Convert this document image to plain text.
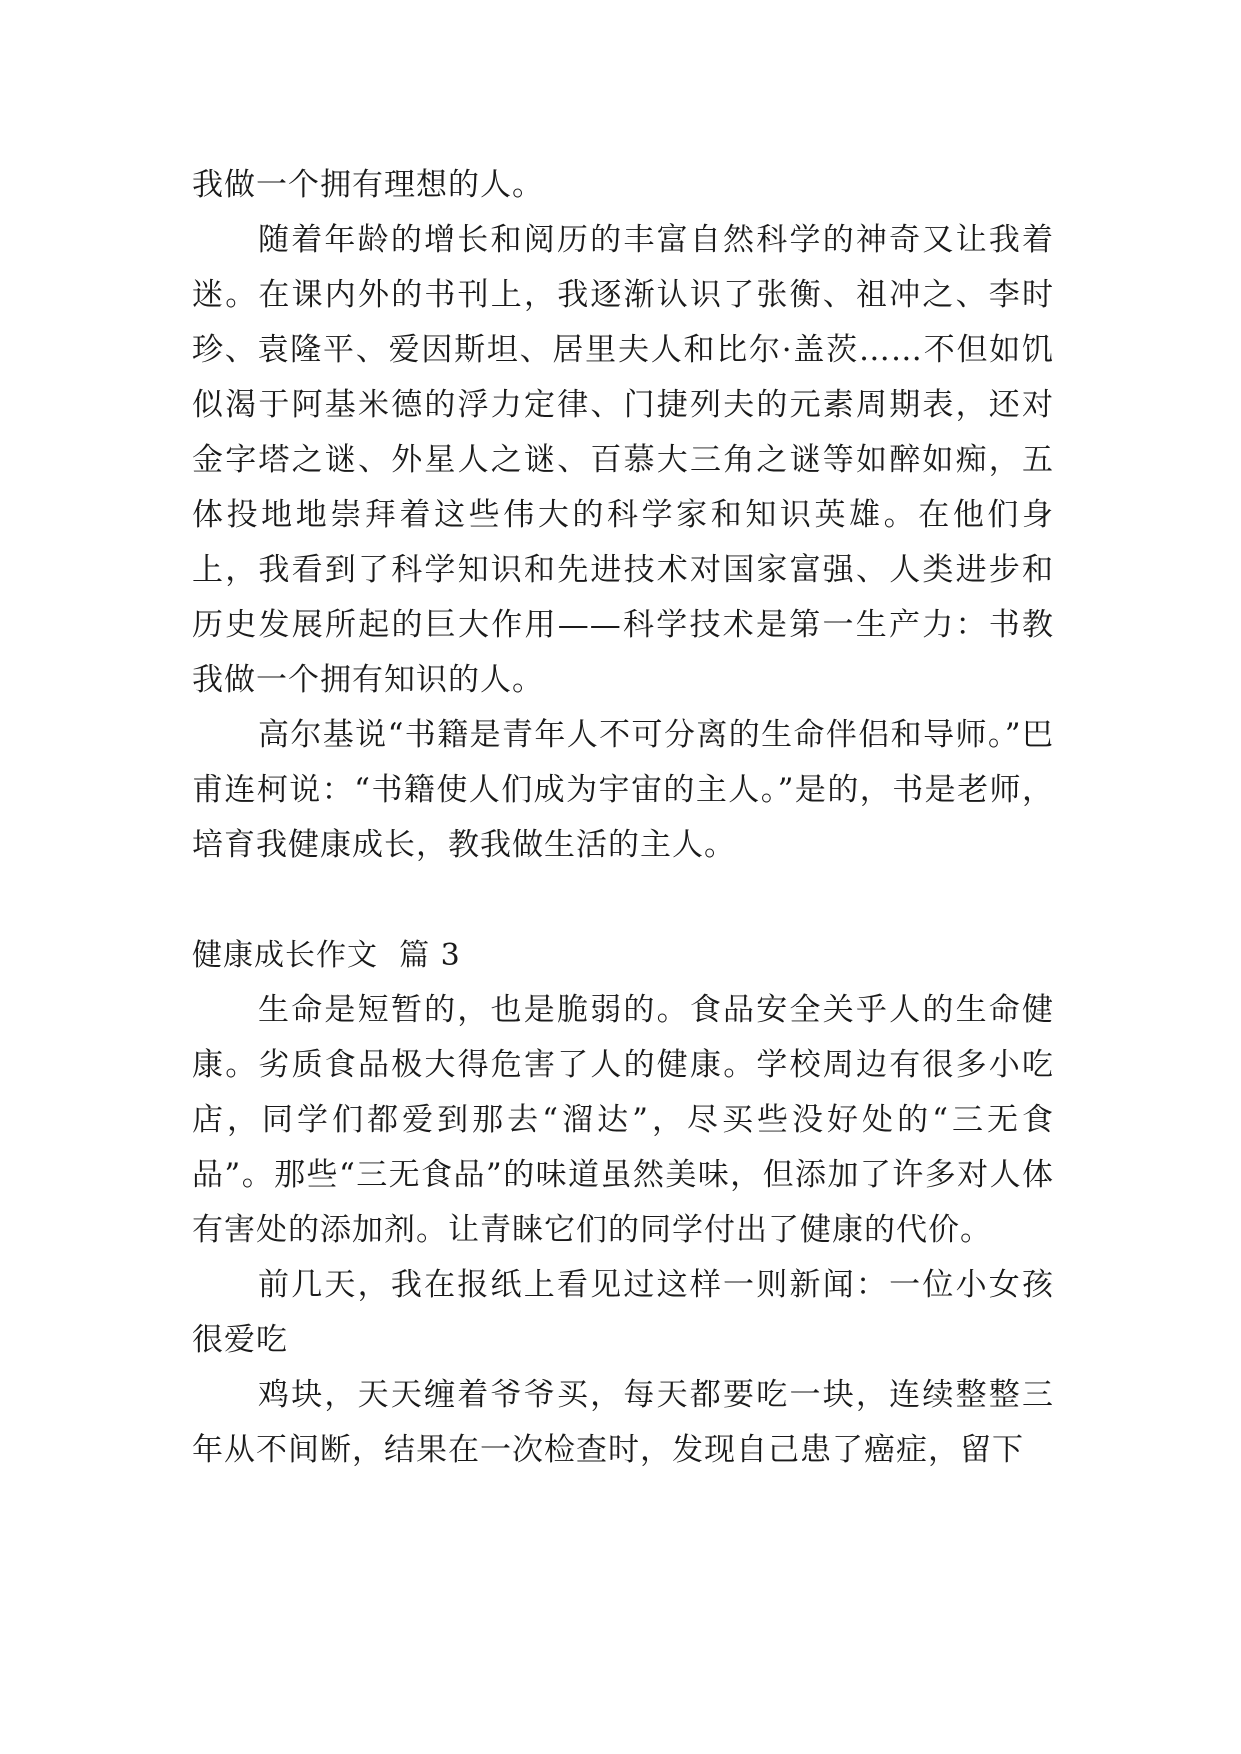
我做一个拥有理想的人。

随着年龄的增长和阅历的丰富自然科学的神奇又让我着迷。在课内外的书刊上，我逐渐认识了张衡、祖冲之、李时珍、袁隆平、爱因斯坦、居里夫人和比尔·盖茨……不但如饥似渴于阿基米德的浮力定律、门捷列夫的元素周期表，还对金字塔之谜、外星人之谜、百慕大三角之谜等如醉如痴，五体投地地崇拜着这些伟大的科学家和知识英雄。在他们身上，我看到了科学知识和先进技术对国家富强、人类进步和历史发展所起的巨大作用——科学技术是第一生产力：书教我做一个拥有知识的人。

高尔基说“书籍是青年人不可分离的生命伴侣和导师。”巴甫连柯说：“书籍使人们成为宇宙的主人。”是的，书是老师，培育我健康成长，教我做生活的主人。

健康成长作文  篇 3

生命是短暂的，也是脆弱的。食品安全关乎人的生命健康。劣质食品极大得危害了人的健康。学校周边有很多小吃店，同学们都爱到那去“溜达”，尽买些没好处的“三无食品”。那些“三无食品”的味道虽然美味，但添加了许多对人体有害处的添加剂。让青睐它们的同学付出了健康的代价。

前几天，我在报纸上看见过这样一则新闻：一位小女孩很爱吃

鸡块，天天缠着爷爷买，每天都要吃一块，连续整整三年从不间断，结果在一次检查时，发现自己患了癌症，留下
